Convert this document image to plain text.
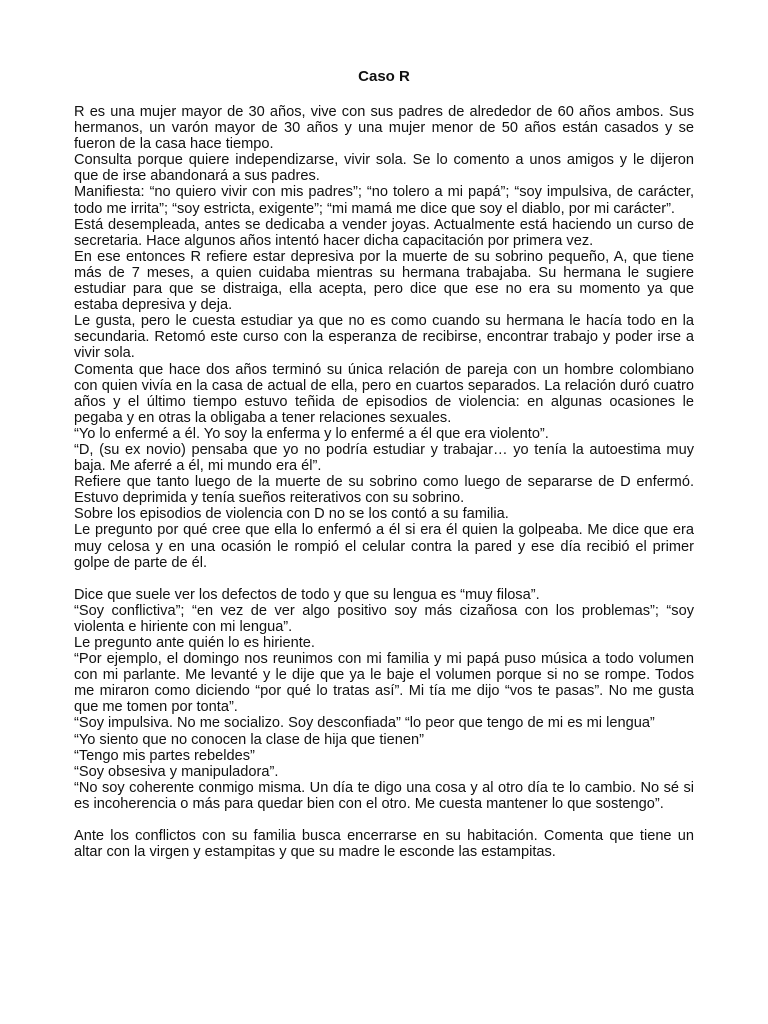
Caso R

R es una mujer mayor de 30 años, vive con sus padres de alrededor de 60 años ambos. Sus hermanos, un varón mayor de 30 años y una mujer menor de 50 años están casados y se fueron de la casa hace tiempo.

Consulta porque quiere independizarse, vivir sola. Se lo comento a unos amigos y le dijeron que de irse abandonará a sus padres.

Manifiesta: “no quiero vivir con mis padres”; “no tolero a mi papá”; “soy impulsiva, de carácter, todo me irrita”; “soy estricta, exigente”; “mi mamá me dice que soy el diablo, por mi carácter”.

Está desempleada, antes se dedicaba a vender joyas. Actualmente está haciendo un curso de secretaria. Hace algunos años intentó hacer dicha capacitación por primera vez.

En ese entonces R refiere estar depresiva por la muerte de su sobrino pequeño, A, que tiene más de 7 meses, a quien cuidaba mientras su hermana trabajaba. Su hermana le sugiere estudiar para que se distraiga, ella acepta, pero dice que ese no era su momento ya que estaba depresiva y deja.

Le gusta, pero le cuesta estudiar ya que no es como cuando su hermana le hacía todo en la secundaria. Retomó este curso con la esperanza de recibirse, encontrar trabajo y poder irse a vivir sola.

Comenta que hace dos años terminó su única relación de pareja con un hombre colombiano con quien vivía en la casa de actual de ella, pero en cuartos separados. La relación duró cuatro años y el último tiempo estuvo teñida de episodios de violencia: en algunas ocasiones le pegaba y en otras la obligaba a tener relaciones sexuales.

“Yo lo enfermé a él. Yo soy la enferma y lo enfermé a él que era violento”.

“D, (su ex novio) pensaba que yo no podría estudiar y trabajar… yo tenía la autoestima muy baja. Me aferré a él, mi mundo era él”.

Refiere que tanto luego de la muerte de su sobrino como luego de separarse de D enfermó. Estuvo deprimida y tenía sueños reiterativos con su sobrino.

Sobre los episodios de violencia con D no se los contó a su familia.

Le pregunto por qué cree que ella lo enfermó a él si era él quien la golpeaba. Me dice que era muy celosa y en una ocasión le rompió el celular contra la pared y ese día recibió el primer golpe de parte de él.

Dice que suele ver los defectos de todo y que su lengua es “muy filosa”.

“Soy conflictiva”; “en vez de ver algo positivo soy más cizañosa con los problemas”; “soy violenta e hiriente con mi lengua”.

Le pregunto ante quién lo es hiriente.

“Por ejemplo, el domingo nos reunimos con mi familia y mi papá puso música a todo volumen con mi parlante. Me levanté y le dije que ya le baje el volumen porque si no se rompe. Todos me miraron como diciendo “por qué lo tratas así”. Mi tía me dijo “vos te pasas”. No me gusta que me tomen por tonta”.

“Soy impulsiva. No me socializo. Soy desconfiada” “lo peor que tengo de mi es mi lengua”

“Yo siento que no conocen la clase de hija que tienen”

“Tengo mis partes rebeldes”

“Soy obsesiva y manipuladora”.

“No soy coherente conmigo misma. Un día te digo una cosa y al otro día te lo cambio. No sé si es incoherencia o más para quedar bien con el otro. Me cuesta mantener lo que sostengo”.

Ante los conflictos con su familia busca encerrarse en su habitación. Comenta que tiene un altar con la virgen y estampitas y que su madre le esconde las estampitas.
